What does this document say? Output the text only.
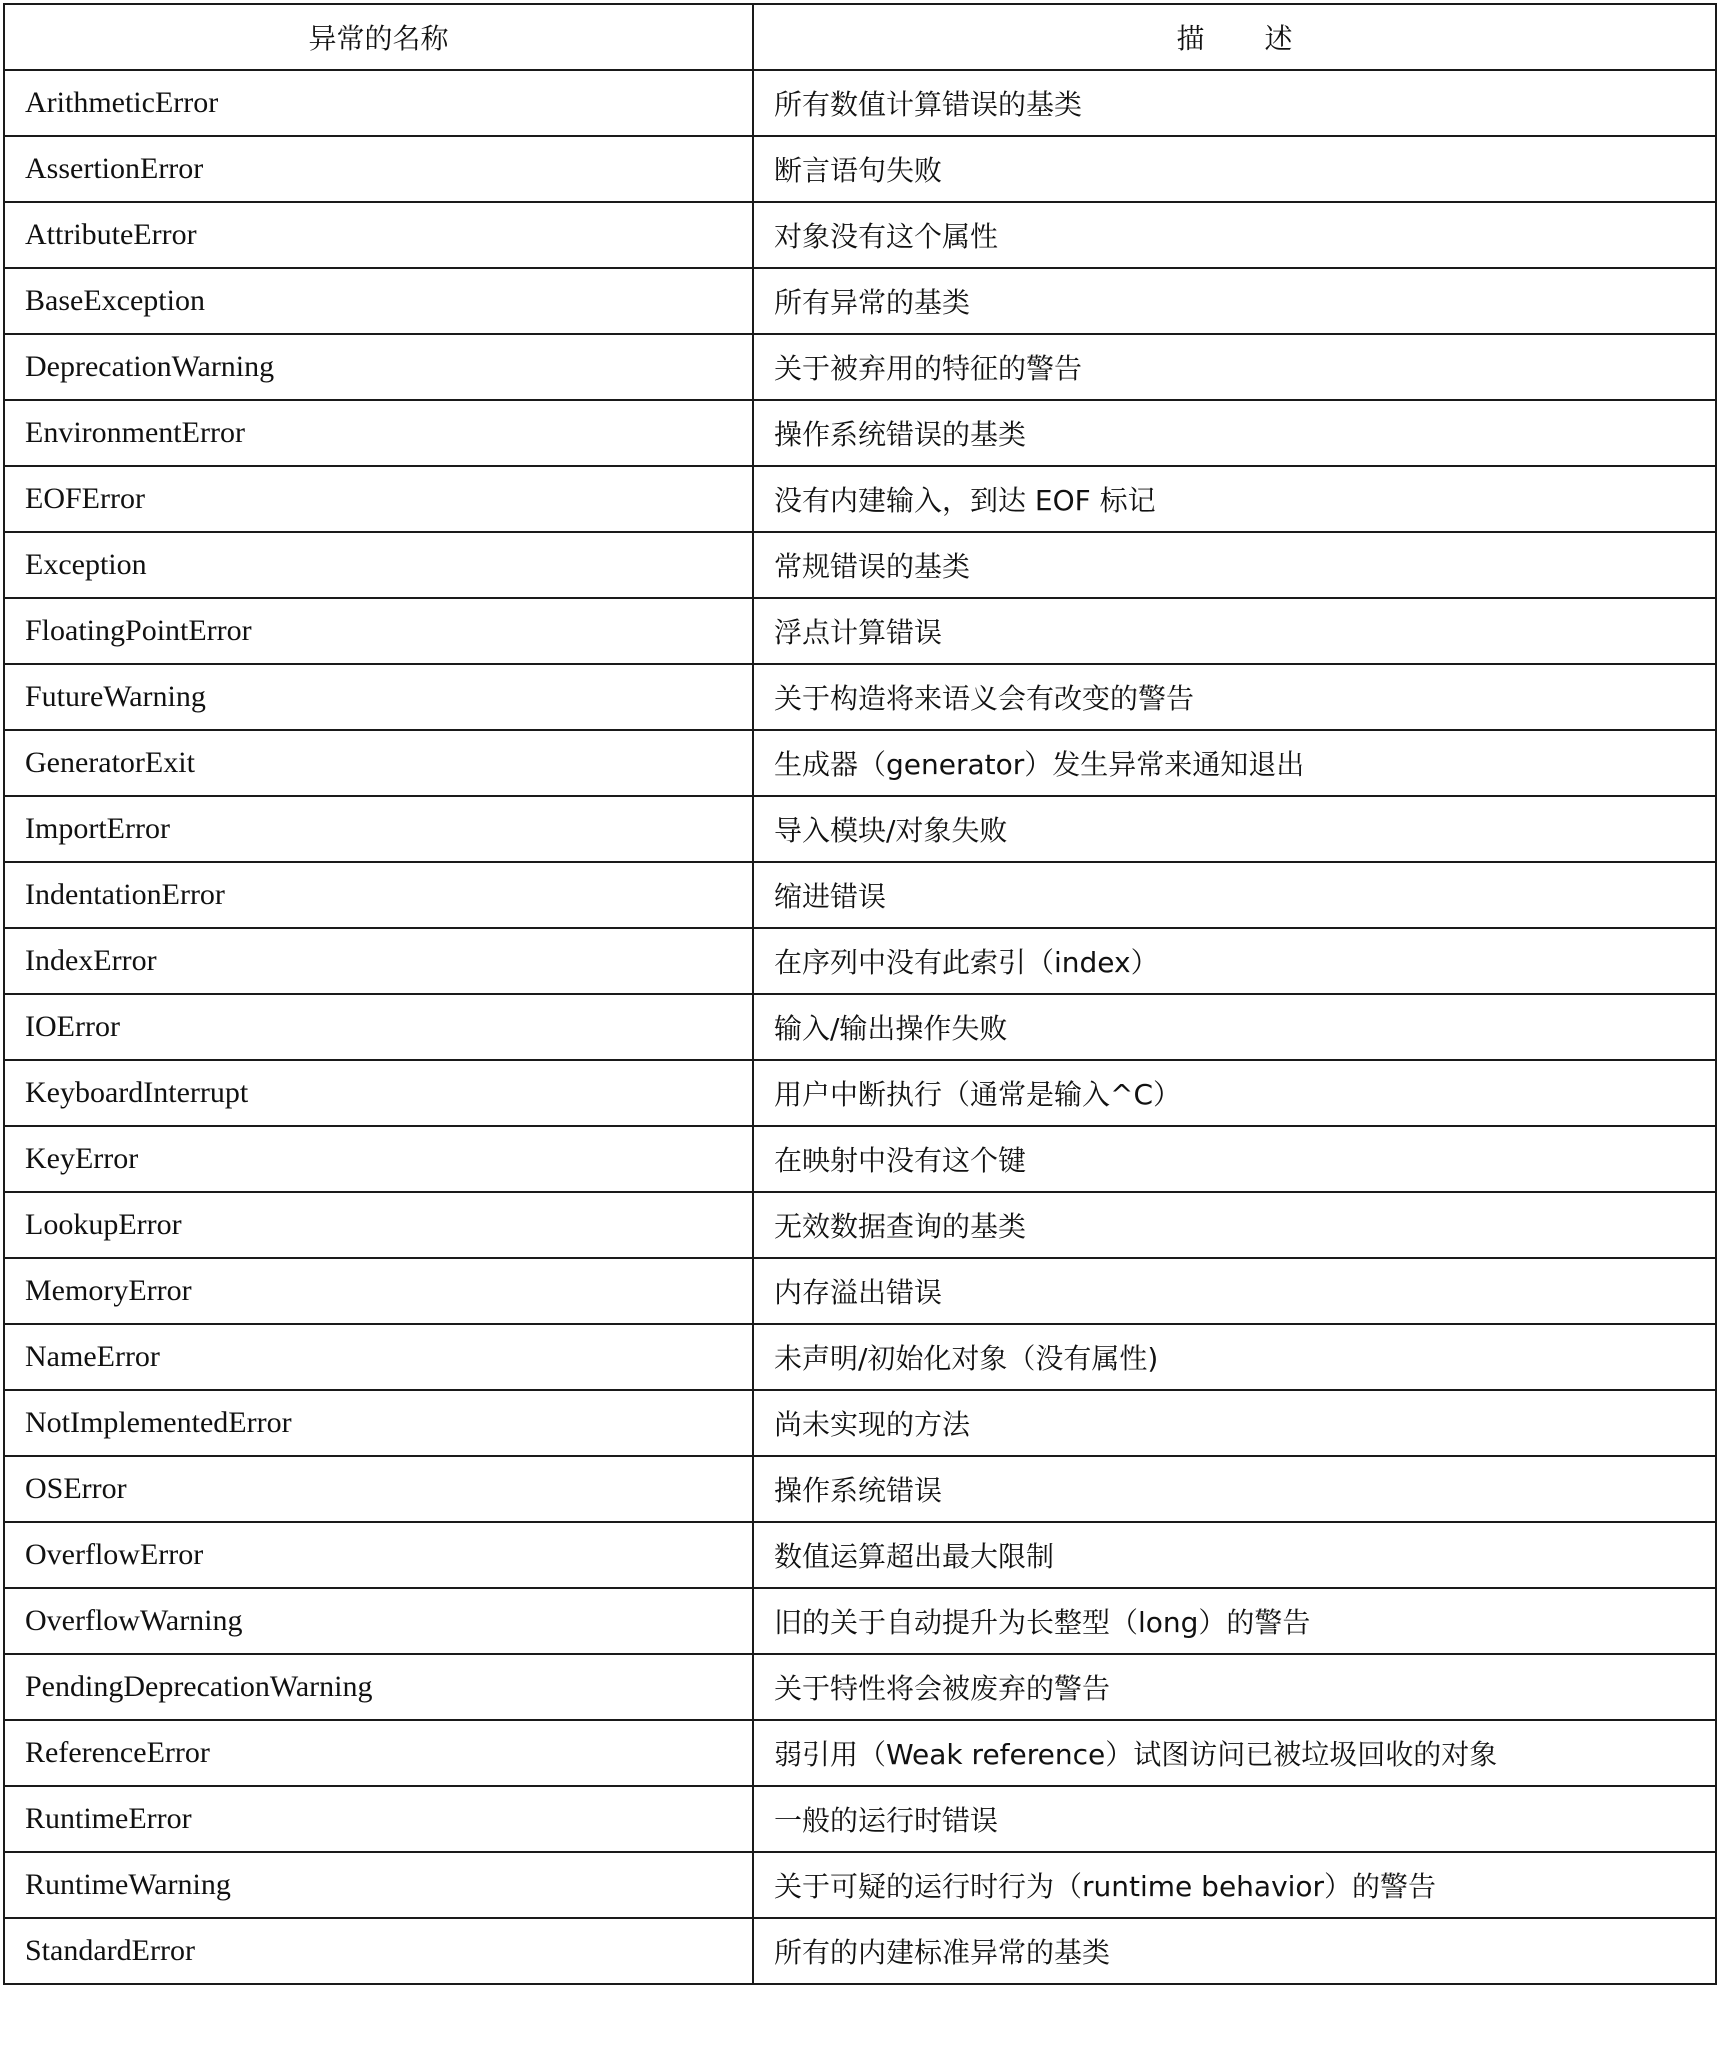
异常的名称	描述
ArithmeticError	所有数值计算错误的基类
AssertionError	断言语句失败
AttributeError	对象没有这个属性
BaseException	所有异常的基类
DeprecationWarning	关于被弃用的特征的警告
EnvironmentError	操作系统错误的基类
EOFError	没有内建输入，到达 EOF 标记
Exception	常规错误的基类
FloatingPointError	浮点计算错误
FutureWarning	关于构造将来语义会有改变的警告
GeneratorExit	生成器（generator）发生异常来通知退出
ImportError	导入模块/对象失败
IndentationError	缩进错误
IndexError	在序列中没有此索引（index）
IOError	输入/输出操作失败
KeyboardInterrupt	用户中断执行（通常是输入^C）
KeyError	在映射中没有这个键
LookupError	无效数据查询的基类
MemoryError	内存溢出错误
NameError	未声明/初始化对象（没有属性)
NotImplementedError	尚未实现的方法
OSError	操作系统错误
OverflowError	数值运算超出最大限制
OverflowWarning	旧的关于自动提升为长整型（long）的警告
PendingDeprecationWarning	关于特性将会被废弃的警告
ReferenceError	弱引用（Weak reference）试图访问已被垃圾回收的对象
RuntimeError	一般的运行时错误
RuntimeWarning	关于可疑的运行时行为（runtime behavior）的警告
StandardError	所有的内建标准异常的基类
